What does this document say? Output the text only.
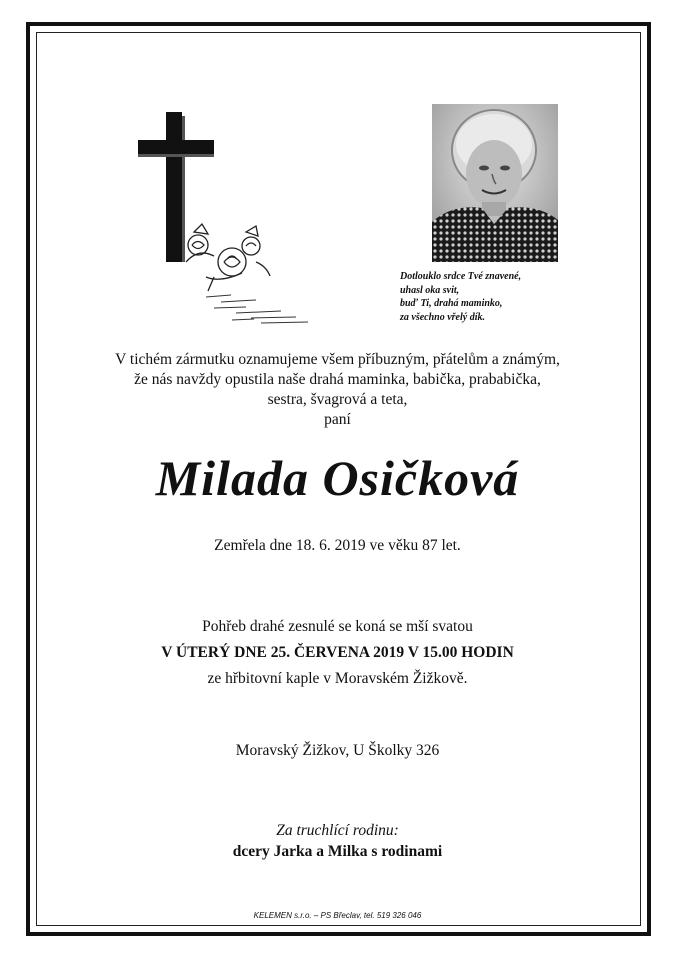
Dotlouklo srdce Tvé znavené,
uhasl oka svit,
buď Ti, drahá maminko,
za všechno vřelý dík.
V tichém zármutku oznamujeme všem příbuzným, přátelům a známým,
že nás navždy opustila naše drahá maminka, babička, prababička,
sestra, švagrová a teta,
paní
Milada Osičková
Zemřela dne 18. 6. 2019 ve věku 87 let.
Pohřeb drahé zesnulé se koná se mší svatou
V ÚTERÝ DNE 25. ČERVENA 2019 V 15.00 HODIN
ze hřbitovní kaple v Moravském Žižkově.
Moravský Žižkov, U Školky 326
Za truchlící rodinu:
dcery Jarka a Milka s rodinami
KELEMEN s.r.o. – PS Břeclav, tel. 519 326 046
